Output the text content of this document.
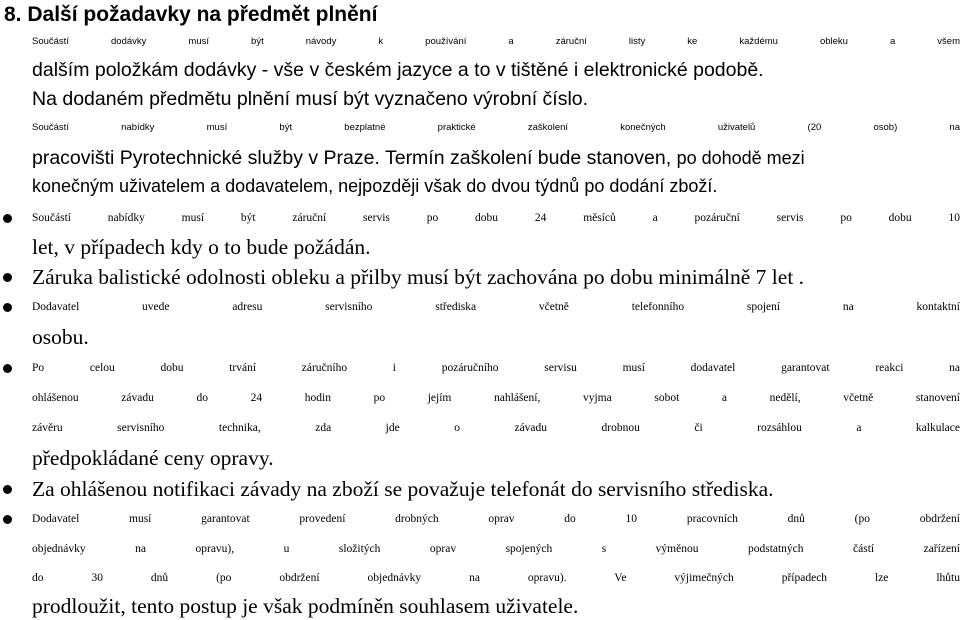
8. Další požadavky na předmět plnění
Součástí dodávky musí být návody k používání a záruční listy ke každému obleku a všem
dalším položkám dodávky - vše v českém jazyce a to v tištěné i elektronické podobě.
Na dodaném předmětu plnění musí být vyznačeno výrobní číslo.
Součástí nabídky musí být bezplatné praktické zaškolení konečných uživatelů (20 osob) na
pracovišti Pyrotechnické služby v Praze. Termín zaškolení bude stanoven, po dohodě mezi
konečným uživatelem a dodavatelem, nejpozději však do dvou týdnů po dodání zboží.
Součástí nabídky musí být záruční servis po dobu 24 měsíců a pozáruční servis po dobu 10
let, v případech kdy o to bude požádán.
Záruka balistické odolnosti obleku a přilby musí být zachována po dobu minimálně 7 let .
Dodavatel uvede adresu servisního střediska včetně telefonního spojení na kontaktní
osobu.
Po celou dobu trvání záručního i pozáručního servisu musí dodavatel garantovat reakci na
ohlášenou závadu do 24 hodin po jejím nahlášení, vyjma sobot a nedělí, včetně stanovení
závěru servisního technika, zda jde o závadu drobnou či rozsáhlou a kalkulace
předpokládané ceny opravy.
Za ohlášenou notifikaci závady na zboží se považuje telefonát do servisního střediska.
Dodavatel musí garantovat provedení drobných oprav do 10 pracovních dnů (po obdržení
objednávky na opravu), u složitých oprav spojených s výměnou podstatných částí zařízení
do 30 dnů (po obdržení objednávky na opravu). Ve výjimečných případech lze lhůtu
prodloužit, tento postup je však podmíněn souhlasem uživatele.
